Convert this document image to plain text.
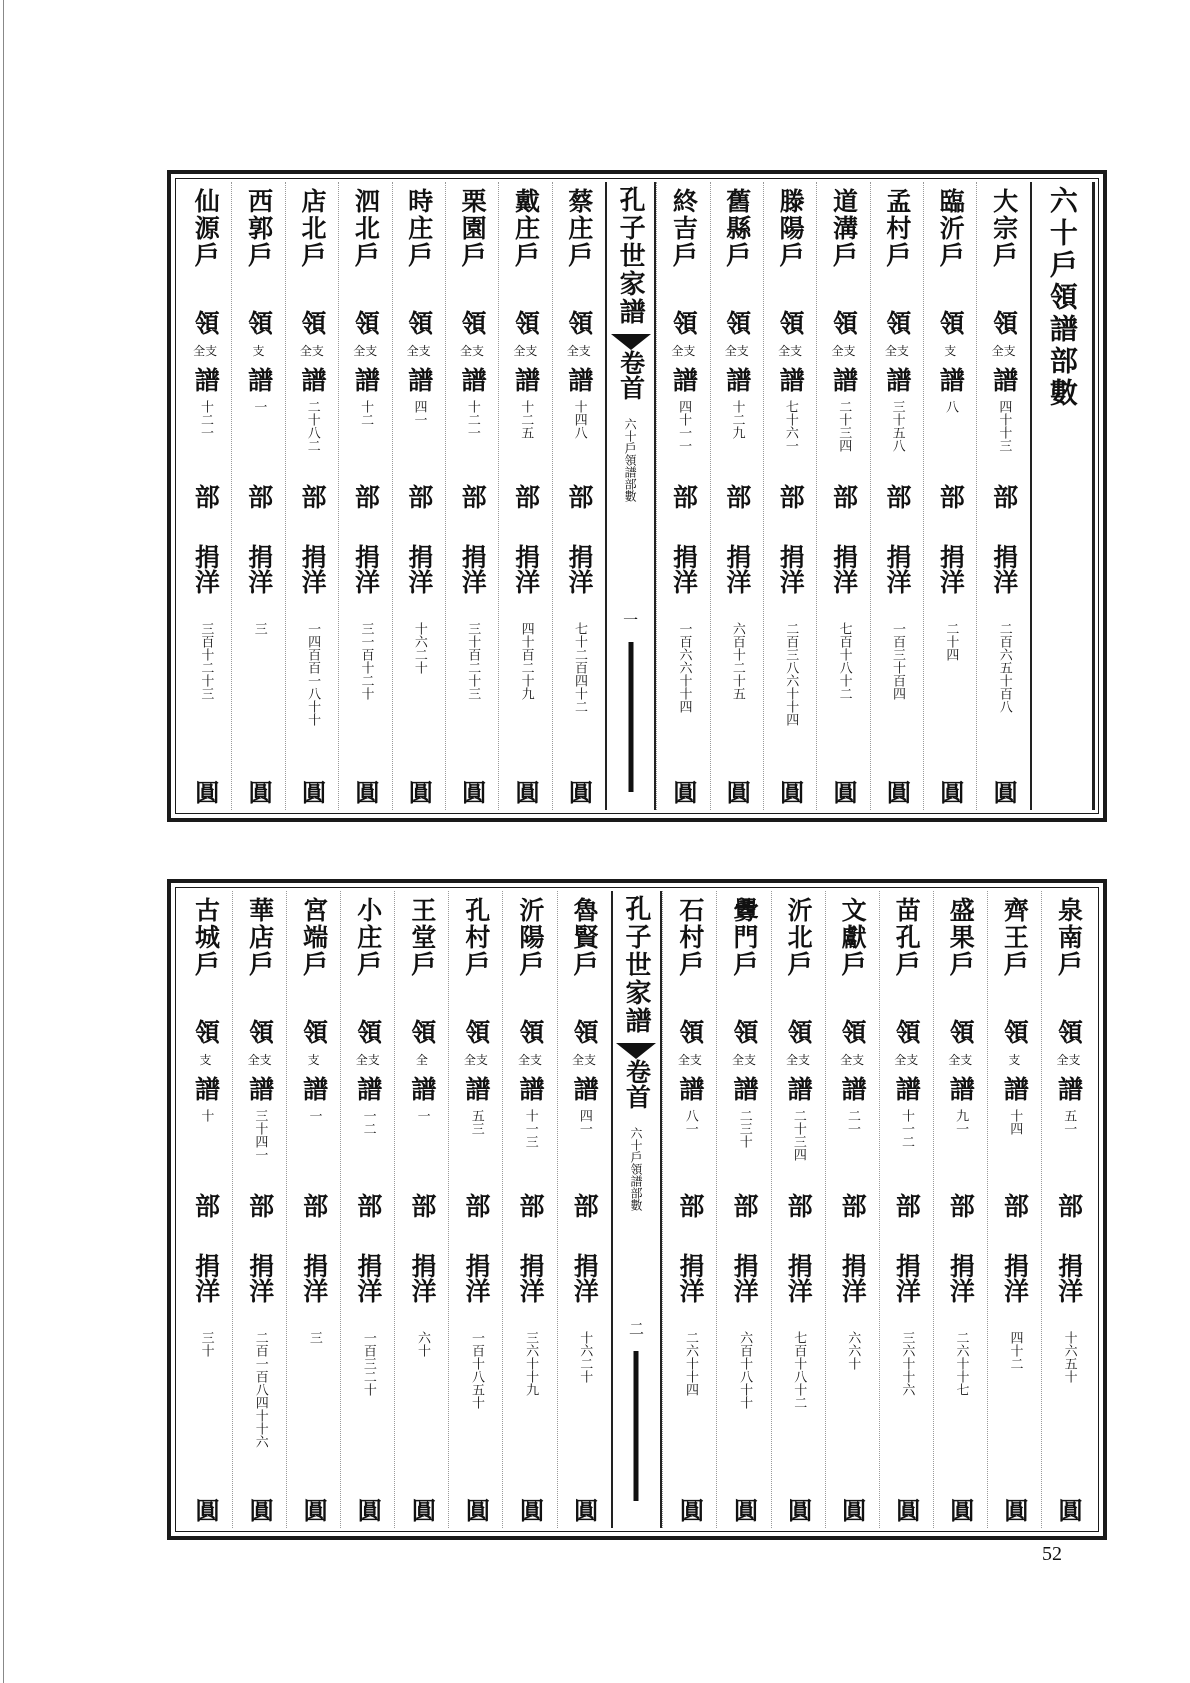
六十戶領譜部數
大宗戶
領
全支
譜
四十十三
部
捐洋
二百六五十百八
圓
臨沂戶
領
支
譜
八
部
捐洋
二十四
圓
孟村戶
領
全支
譜
三十五八
部
捐洋
一百三十百四
圓
道溝戶
領
全支
譜
二十三四
部
捐洋
七百十八十二
圓
滕陽戶
領
全支
譜
七十六一
部
捐洋
二百三八六十十四
圓
舊縣戶
領
全支
譜
十二九
部
捐洋
六百十二十五
圓
終吉戶
領
全支
譜
四十一一
部
捐洋
一百六六十十四
圓
孔子世家譜
卷首
六十戶領譜部數
一
蔡庄戶
領
全支
譜
十四八
部
捐洋
七十二百四十二
圓
戴庄戶
領
全支
譜
十二五
部
捐洋
四十百二十九
圓
栗園戶
領
全支
譜
十二一
部
捐洋
三十百二十三
圓
時庄戶
領
全支
譜
四一
部
捐洋
十六二十
圓
泗北戶
領
全支
譜
十二
部
捐洋
三一百十二十
圓
店北戶
領
全支
譜
二十八二
部
捐洋
一四百百一八十十
圓
西郭戶
領
支
譜
一
部
捐洋
三
圓
仙源戶
領
全支
譜
十二一
部
捐洋
三百十二十三
圓
泉南戶
領
全支
譜
五一
部
捐洋
十六五十
圓
齊王戶
領
支
譜
十四
部
捐洋
四十二
圓
盛果戶
領
全支
譜
九一
部
捐洋
二六十十七
圓
苗孔戶
領
全支
譜
十一二
部
捐洋
三六十十六
圓
文獻戶
領
全支
譜
二一
部
捐洋
六六十
圓
沂北戶
領
全支
譜
二十三四
部
捐洋
七百十八十二
圓
釁門戶
領
全支
譜
二三十
部
捐洋
六百十八十十
圓
石村戶
領
全支
譜
八一
部
捐洋
二六十十四
圓
孔子世家譜
卷首
六十戶領譜部數
二
魯賢戶
領
全支
譜
四一
部
捐洋
十六二十
圓
沂陽戶
領
全支
譜
十一三
部
捐洋
三六十十九
圓
孔村戶
領
全支
譜
五三
部
捐洋
一百十八五十
圓
王堂戶
領
全
譜
一
部
捐洋
六十
圓
小庄戶
領
全支
譜
一二
部
捐洋
一百三二十
圓
宮端戶
領
支
譜
一
部
捐洋
三
圓
華店戶
領
全支
譜
三十四一
部
捐洋
二百一百八四十十六
圓
古城戶
領
支
譜
十
部
捐洋
三十
圓
52
